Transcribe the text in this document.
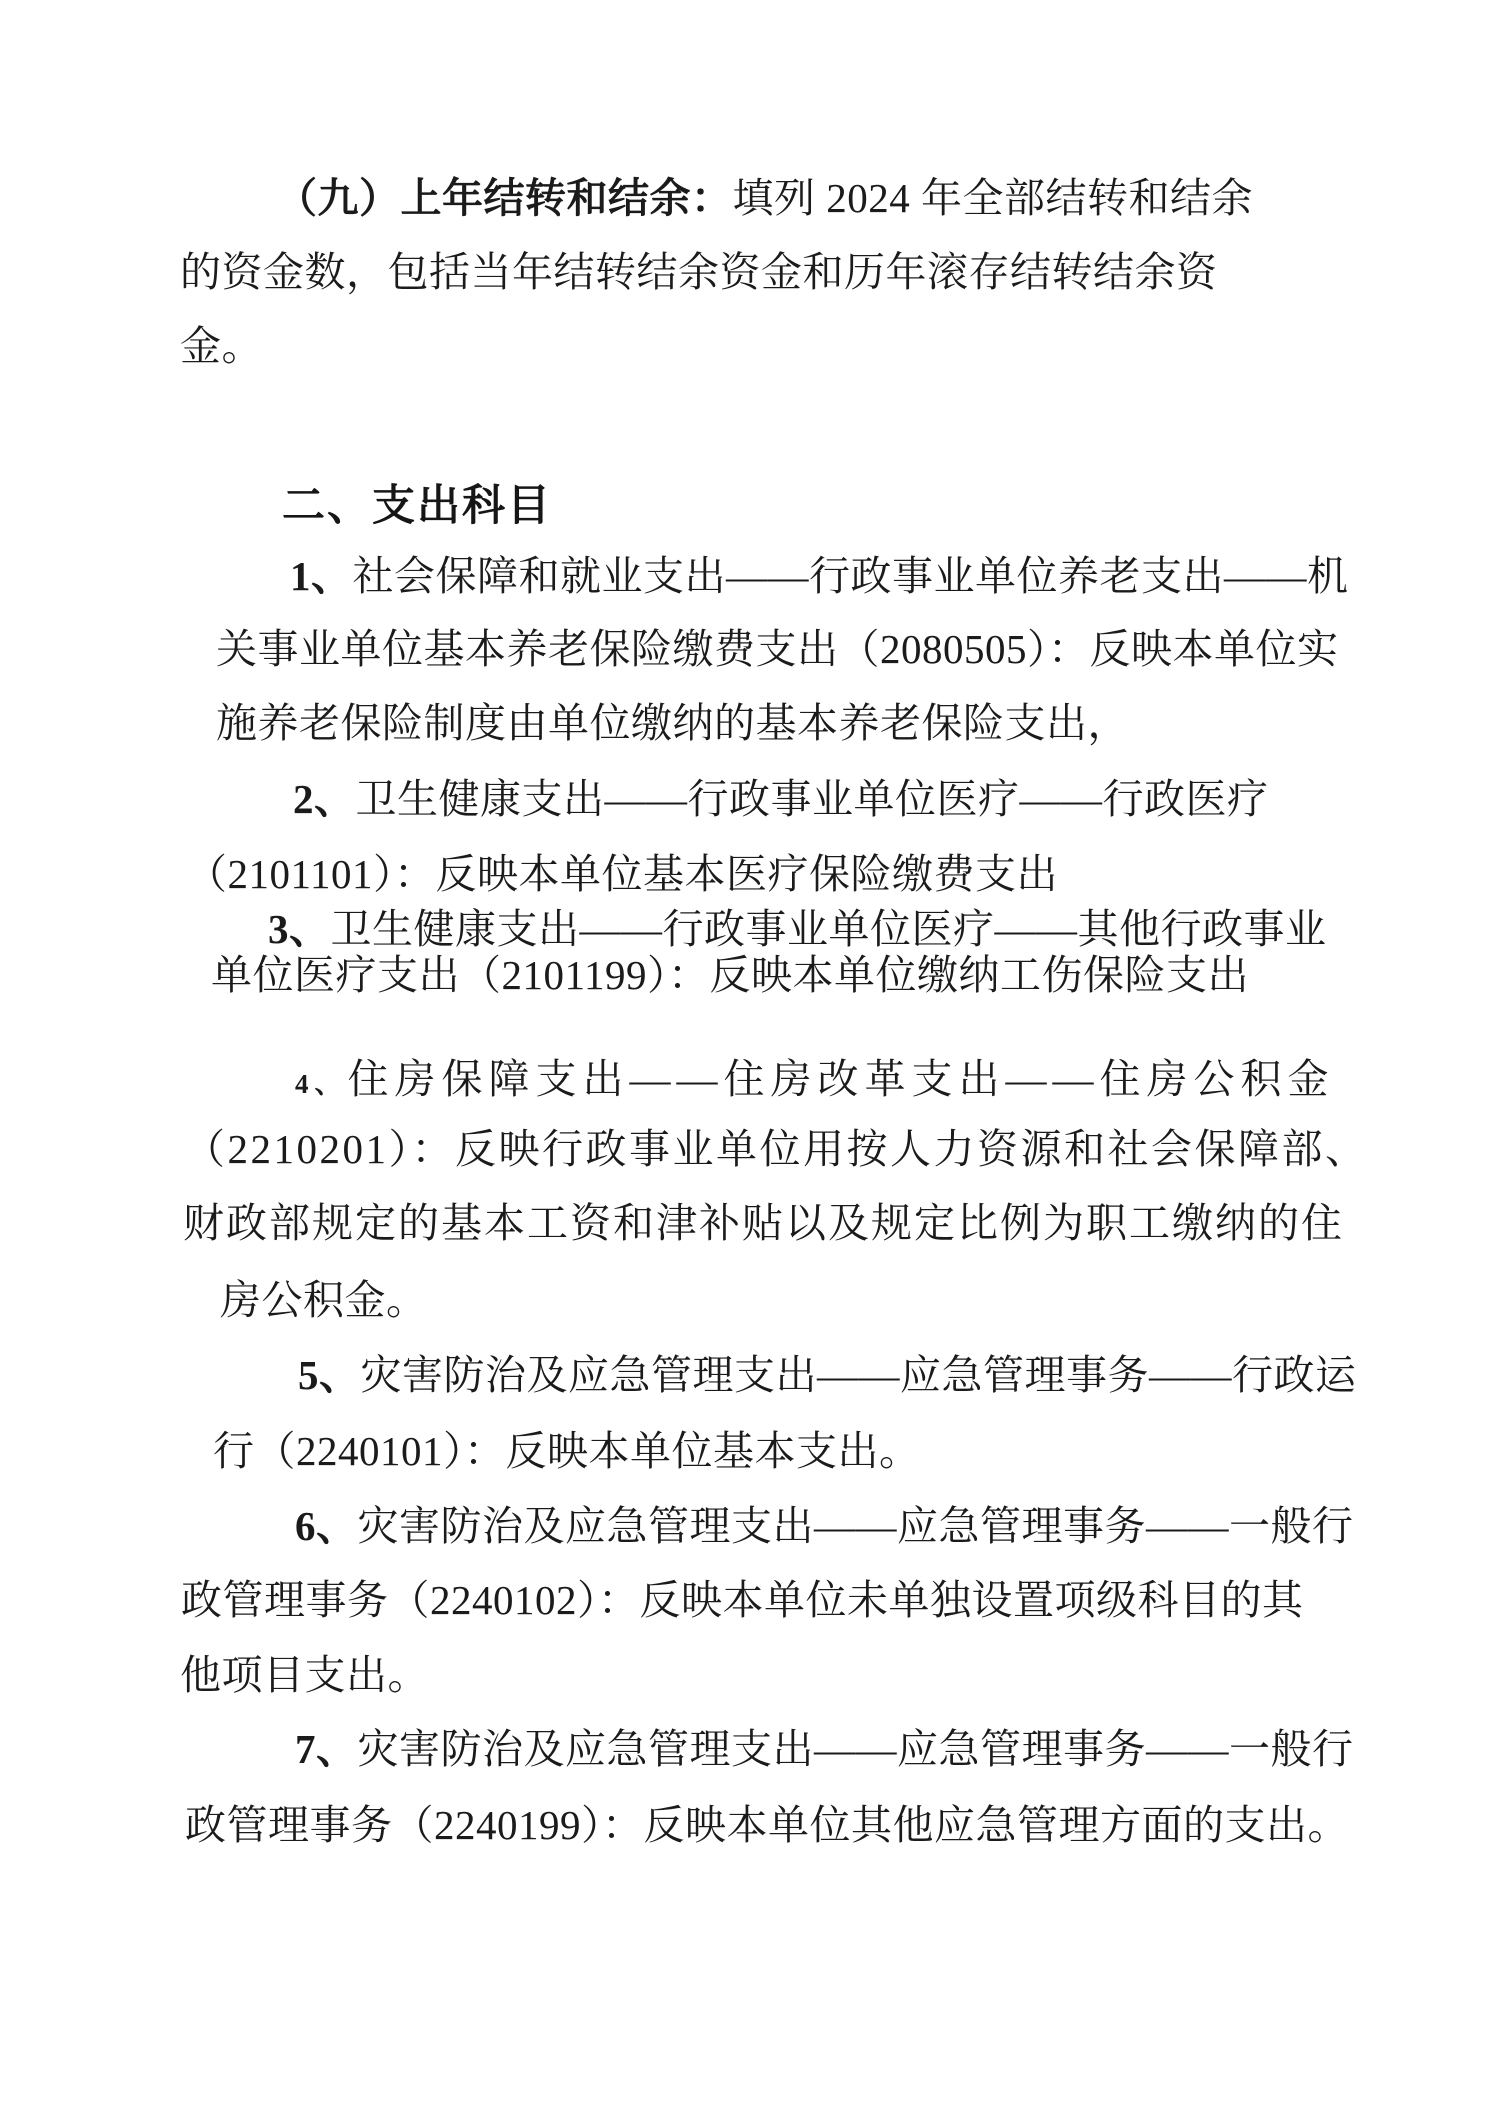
（九）上年结转和结余：填列 2024 年全部结转和结余
的资金数，包括当年结转结余资金和历年滚存结转结余资
金。
二、支出科目
1、社会保障和就业支出——行政事业单位养老支出——机
关事业单位基本养老保险缴费支出（2080505）：反映本单位实
施养老保险制度由单位缴纳的基本养老保险支出，
2、卫生健康支出——行政事业单位医疗——行政医疗
（2101101）：反映本单位基本医疗保险缴费支出
3、卫生健康支出——行政事业单位医疗——其他行政事业
单位医疗支出（2101199）：反映本单位缴纳工伤保险支出
4、住房保障支出——住房改革支出——住房公积金
（2210201）：反映行政事业单位用按人力资源和社会保障部、
财政部规定的基本工资和津补贴以及规定比例为职工缴纳的住
房公积金。
5、灾害防治及应急管理支出——应急管理事务——行政运
行（2240101）：反映本单位基本支出。
6、灾害防治及应急管理支出——应急管理事务——一般行
政管理事务（2240102）：反映本单位未单独设置项级科目的其
他项目支出。
7、灾害防治及应急管理支出——应急管理事务——一般行
政管理事务（2240199）：反映本单位其他应急管理方面的支出。
